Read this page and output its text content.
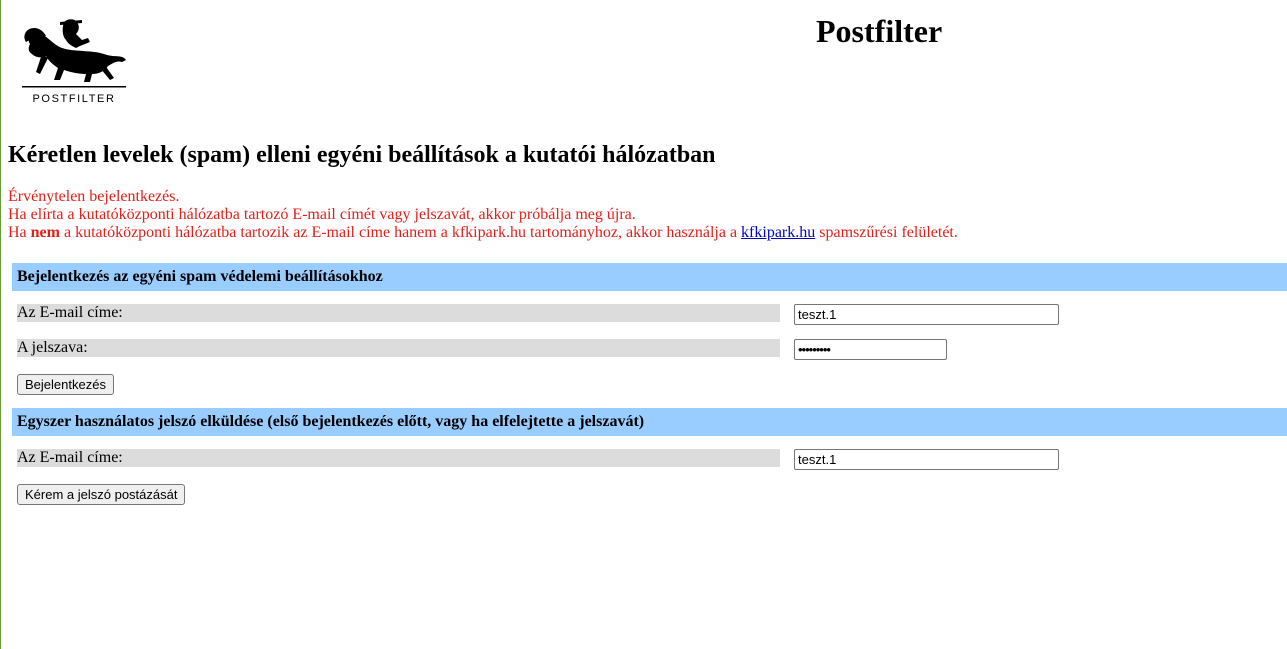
POSTFILTER
Postfilter
Kéretlen levelek (spam) elleni egyéni beállítások a kutatói hálózatban
Érvénytelen bejelentkezés.
Ha elírta a kutatóközponti hálózatba tartozó E-mail címét vagy jelszavát, akkor próbálja meg újra.
Ha nem a kutatóközponti hálózatba tartozik az E-mail címe hanem a kfkipark.hu tartományhoz, akkor használja a kfkipark.hu spamszűrési felületét.
Bejelentkezés az egyéni spam védelemi beállításokhoz
Az E-mail címe:
teszt.1
A jelszava:
•••••••••
Bejelentkezés
Egyszer használatos jelszó elküldése (első bejelentkezés előtt, vagy ha elfelejtette a jelszavát)
Az E-mail címe:
teszt.1
Kérem a jelszó postázását
